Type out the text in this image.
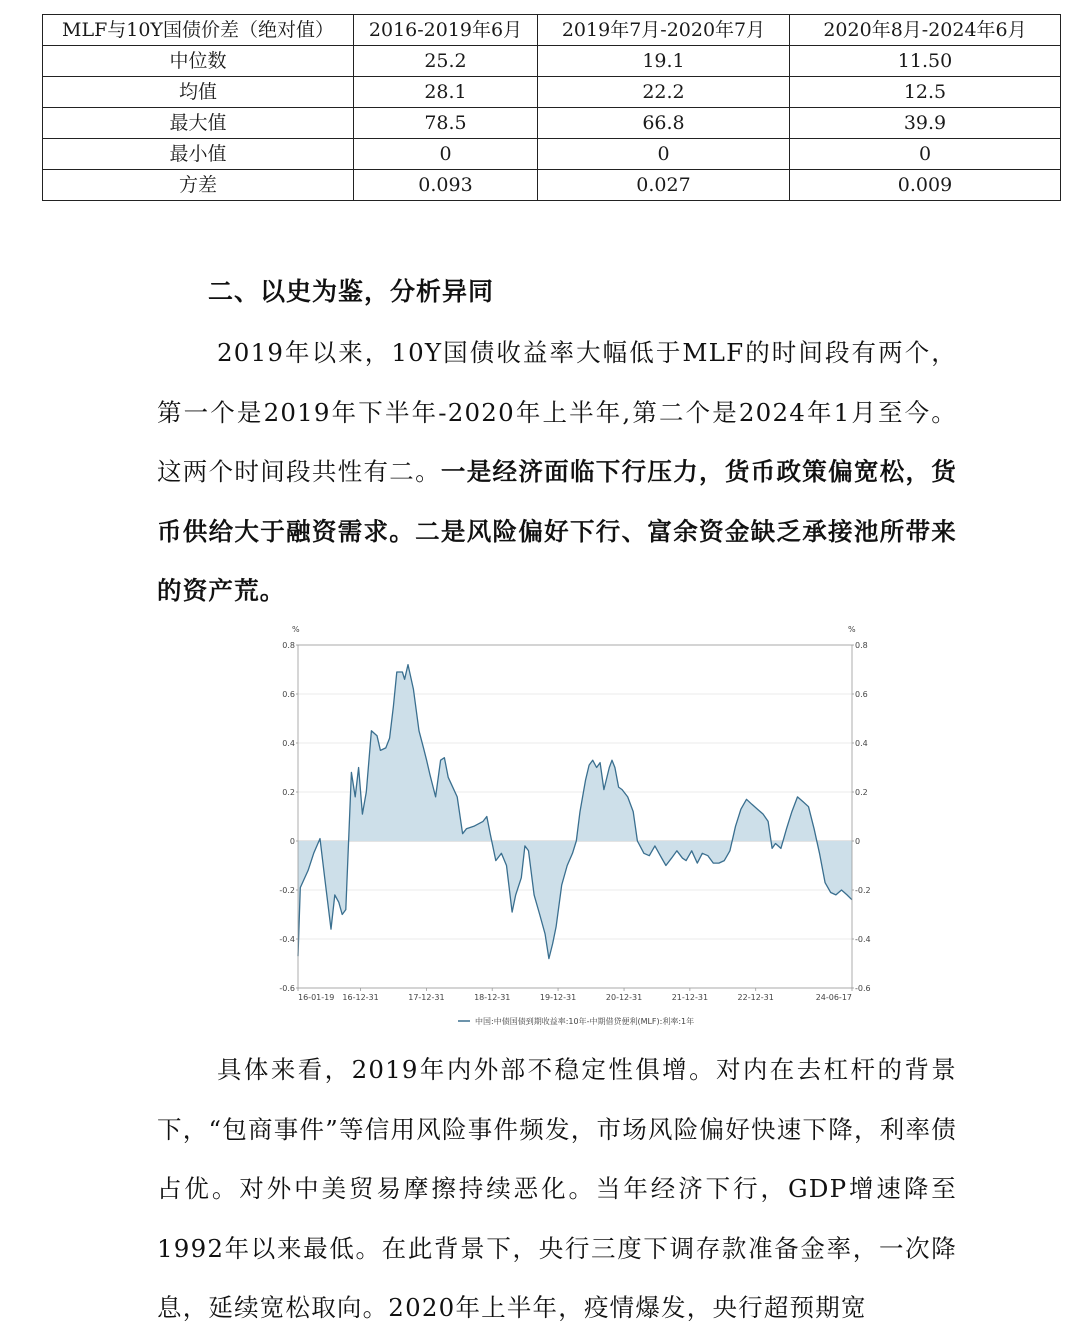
MLF与10Y国债价差（绝对值）	2016-2019年6月	2019年7月-2020年7月	2020年8月-2024年6月
中位数	25.2	19.1	11.50
均值	28.1	22.2	12.5
最大值	78.5	66.8	39.9
最小值	0	0	0
方差	0.093	0.027	0.009
二、以史为鉴，分析异同

2019年以来，10Y国债收益率大幅低于MLF的时间段有两个，第一个是2019年下半年-2020年上半年,第二个是2024年1月至今。这两个时间段共性有二。一是经济面临下行压力，货币政策偏宽松，货币供给大于融资需求。二是风险偏好下行、富余资金缺乏承接池所带来的资产荒。

%	%
0.8	0.8
0.6	0.6
0.4	0.4
0.2	0.2
0	0
-0.2	-0.2
-0.4	-0.4
-0.6	-0.6
16-01-19 16-12-31	17-12-31	18-12-31	19-12-31	20-12-31	21-12-31	22-12-31	24-06-17
中国:中债国债到期收益率:10年-中期借贷便利(MLF):利率:1年

具体来看，2019年内外部不稳定性俱增。对内在去杠杆的背景下，“包商事件”等信用风险事件频发，市场风险偏好快速下降，利率债占优。对外中美贸易摩擦持续恶化。当年经济下行，GDP增速降至1992年以来最低。在此背景下，央行三度下调存款准备金率，一次降息，延续宽松取向。2020年上半年，疫情爆发，央行超预期宽
